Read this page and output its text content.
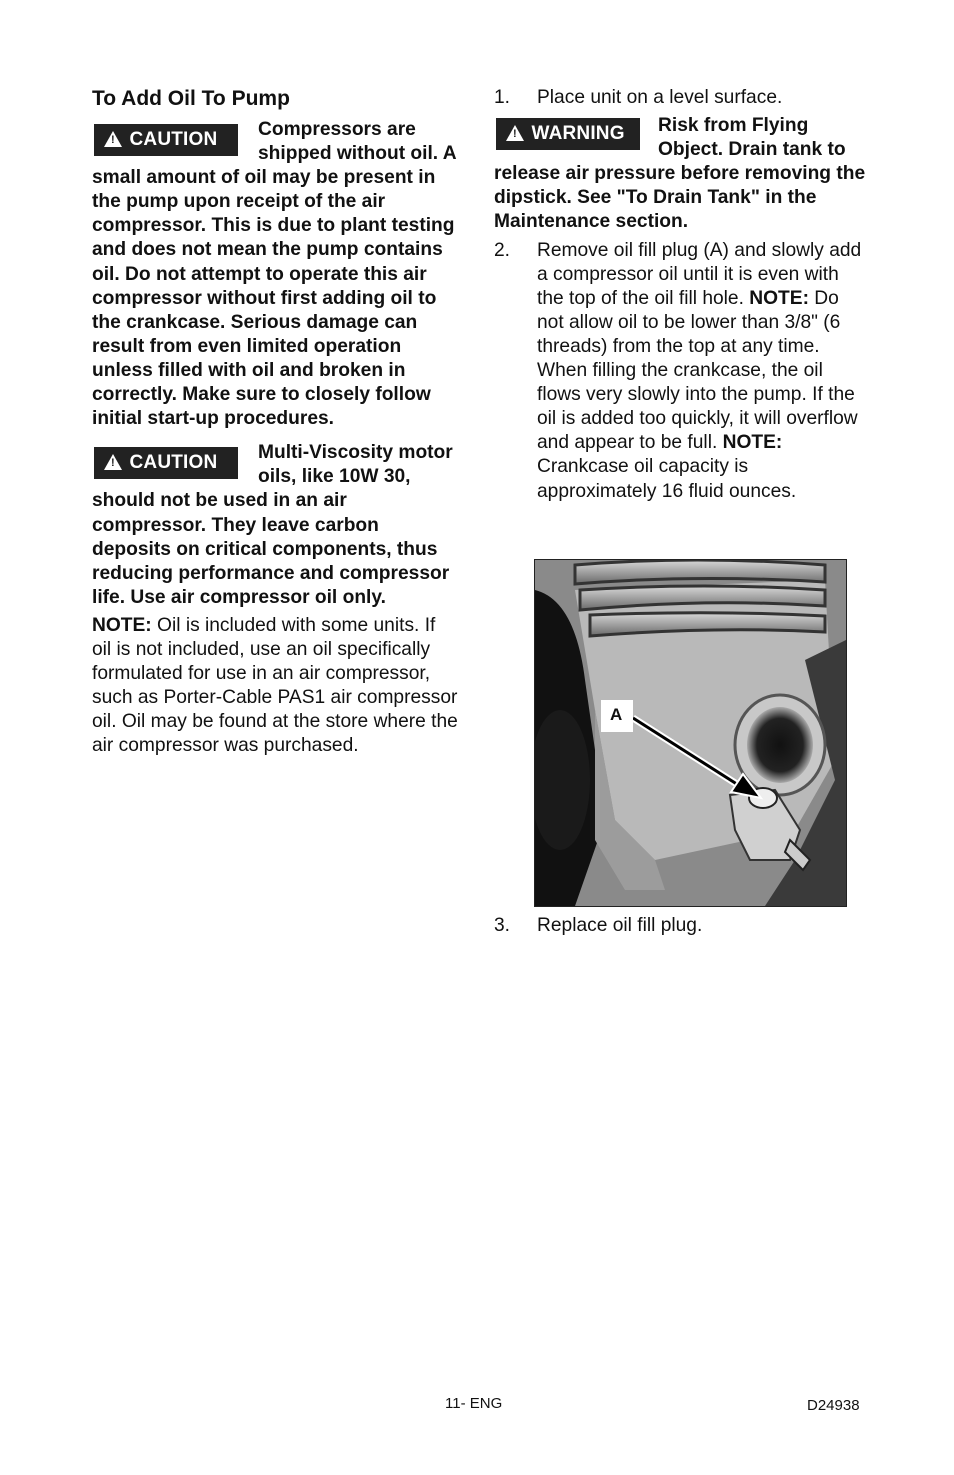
To Add Oil To Pump
! CAUTION	Compressors are shipped without oil. A small amount of oil may be present in the pump upon receipt of the air compressor. This is due to plant testing and does not mean the pump contains oil. Do not attempt to operate this air compressor without first adding oil to the crankcase. Serious damage can result from even limited operation unless filled with oil and broken in correctly. Make sure to closely follow initial start-up procedures.

! CAUTION	Multi-Viscosity motor oils, like 10W 30, should not be used in an air compressor. They leave carbon deposits on critical components, thus reducing performance and compressor life. Use air compressor oil only.

NOTE: Oil is included with some units. If oil is not included, use an oil specifically formulated for use in an air compressor, such as Porter-Cable PAS1 air compressor oil. Oil may be found at the store where the air compressor was purchased.

1. Place unit on a level surface.
! WARNING	Risk from Flying Object. Drain tank to release air pressure before removing the dipstick. See "To Drain Tank" in the Maintenance section.

2. Remove oil fill plug (A) and slowly add a compressor oil until it is even with the top of the oil fill hole. NOTE: Do not allow oil to be lower than 3/8" (6 threads) from the top at any time. When filling the crankcase, the oil flows very slowly into the pump. If the oil is added too quickly, it will overflow and appear to be full. NOTE: Crankcase oil capacity is approximately 16 fluid ounces.
A
3. Replace oil fill plug.
11- ENG	D24938
